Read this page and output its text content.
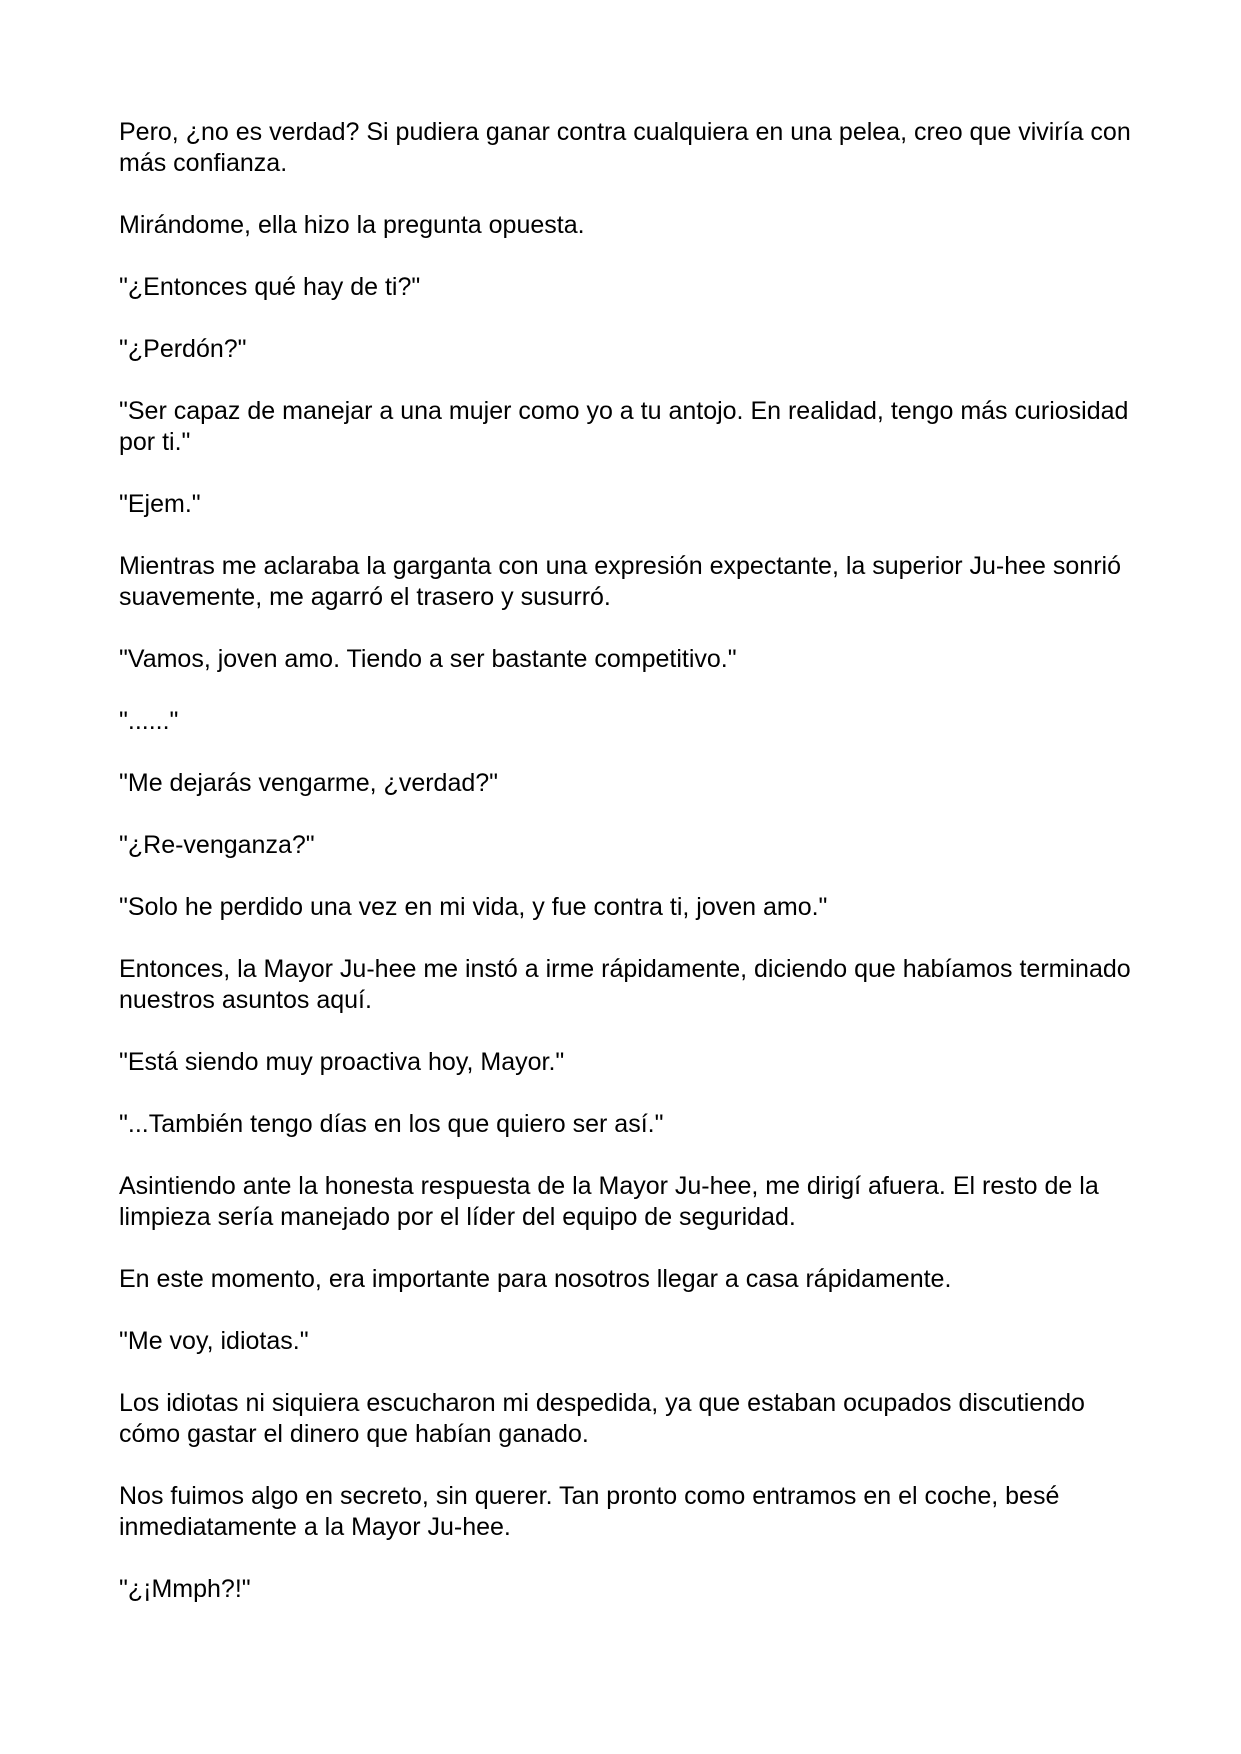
Pero, ¿no es verdad? Si pudiera ganar contra cualquiera en una pelea, creo que viviría con más confianza.

Mirándome, ella hizo la pregunta opuesta.

"¿Entonces qué hay de ti?"

"¿Perdón?"

"Ser capaz de manejar a una mujer como yo a tu antojo. En realidad, tengo más curiosidad por ti."

"Ejem."

Mientras me aclaraba la garganta con una expresión expectante, la superior Ju-hee sonrió suavemente, me agarró el trasero y susurró.

"Vamos, joven amo. Tiendo a ser bastante competitivo."

"......"

"Me dejarás vengarme, ¿verdad?"

"¿Re-venganza?"

"Solo he perdido una vez en mi vida, y fue contra ti, joven amo."

Entonces, la Mayor Ju-hee me instó a irme rápidamente, diciendo que habíamos terminado nuestros asuntos aquí.

"Está siendo muy proactiva hoy, Mayor."

"...También tengo días en los que quiero ser así."

Asintiendo ante la honesta respuesta de la Mayor Ju-hee, me dirigí afuera. El resto de la limpieza sería manejado por el líder del equipo de seguridad.

En este momento, era importante para nosotros llegar a casa rápidamente.

"Me voy, idiotas."

Los idiotas ni siquiera escucharon mi despedida, ya que estaban ocupados discutiendo cómo gastar el dinero que habían ganado.

Nos fuimos algo en secreto, sin querer. Tan pronto como entramos en el coche, besé inmediatamente a la Mayor Ju-hee.

"¿¡Mmph?!"
